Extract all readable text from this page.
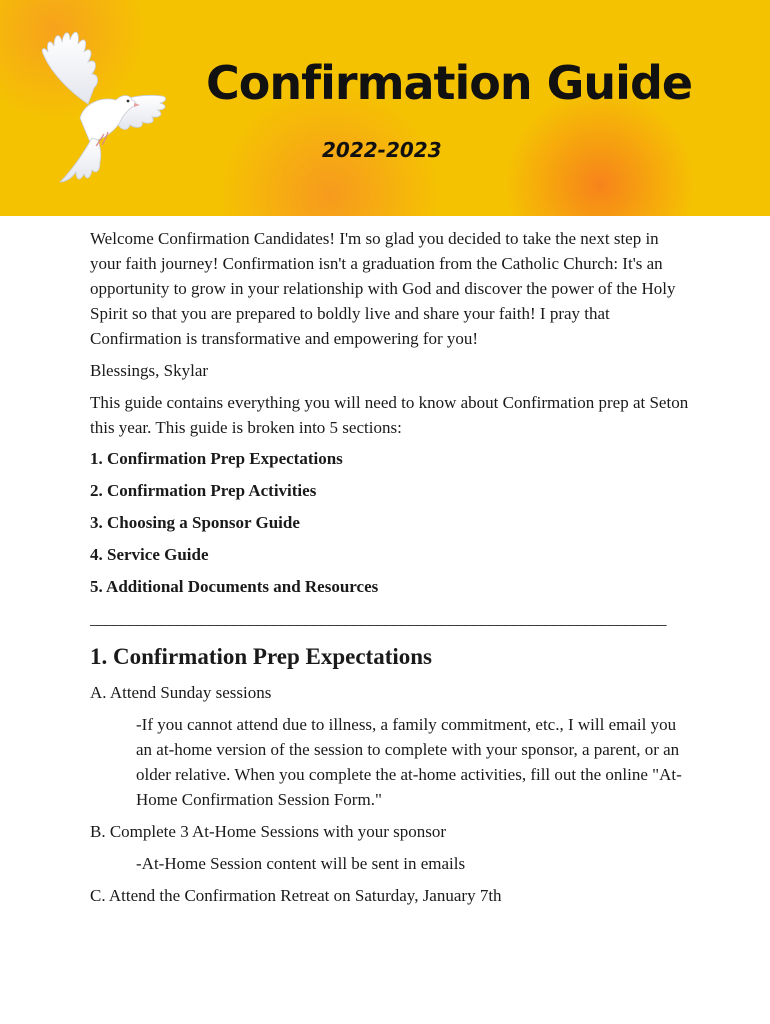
Confirmation Guide
2022-2023

Welcome Confirmation Candidates! I'm so glad you decided to take the next step in your faith journey! Confirmation isn't a graduation from the Catholic Church: It's an opportunity to grow in your relationship with God and discover the power of the Holy Spirit so that you are prepared to boldly live and share your faith! I pray that Confirmation is transformative and empowering for you!

Blessings, Skylar

This guide contains everything you will need to know about Confirmation prep at Seton this year. This guide is broken into 5 sections:

1. Confirmation Prep Expectations
2. Confirmation Prep Activities
3. Choosing a Sponsor Guide
4. Service Guide
5. Additional Documents and Resources
________________________________________________________________________
1. Confirmation Prep Expectations

A. Attend Sunday sessions

-If you cannot attend due to illness, a family commitment, etc., I will email you an at-home version of the session to complete with your sponsor, a parent, or an older relative. When you complete the at-home activities, fill out the online "At-Home Confirmation Session Form."

B. Complete 3 At-Home Sessions with your sponsor

-At-Home Session content will be sent in emails

C. Attend the Confirmation Retreat on Saturday, January 7th
